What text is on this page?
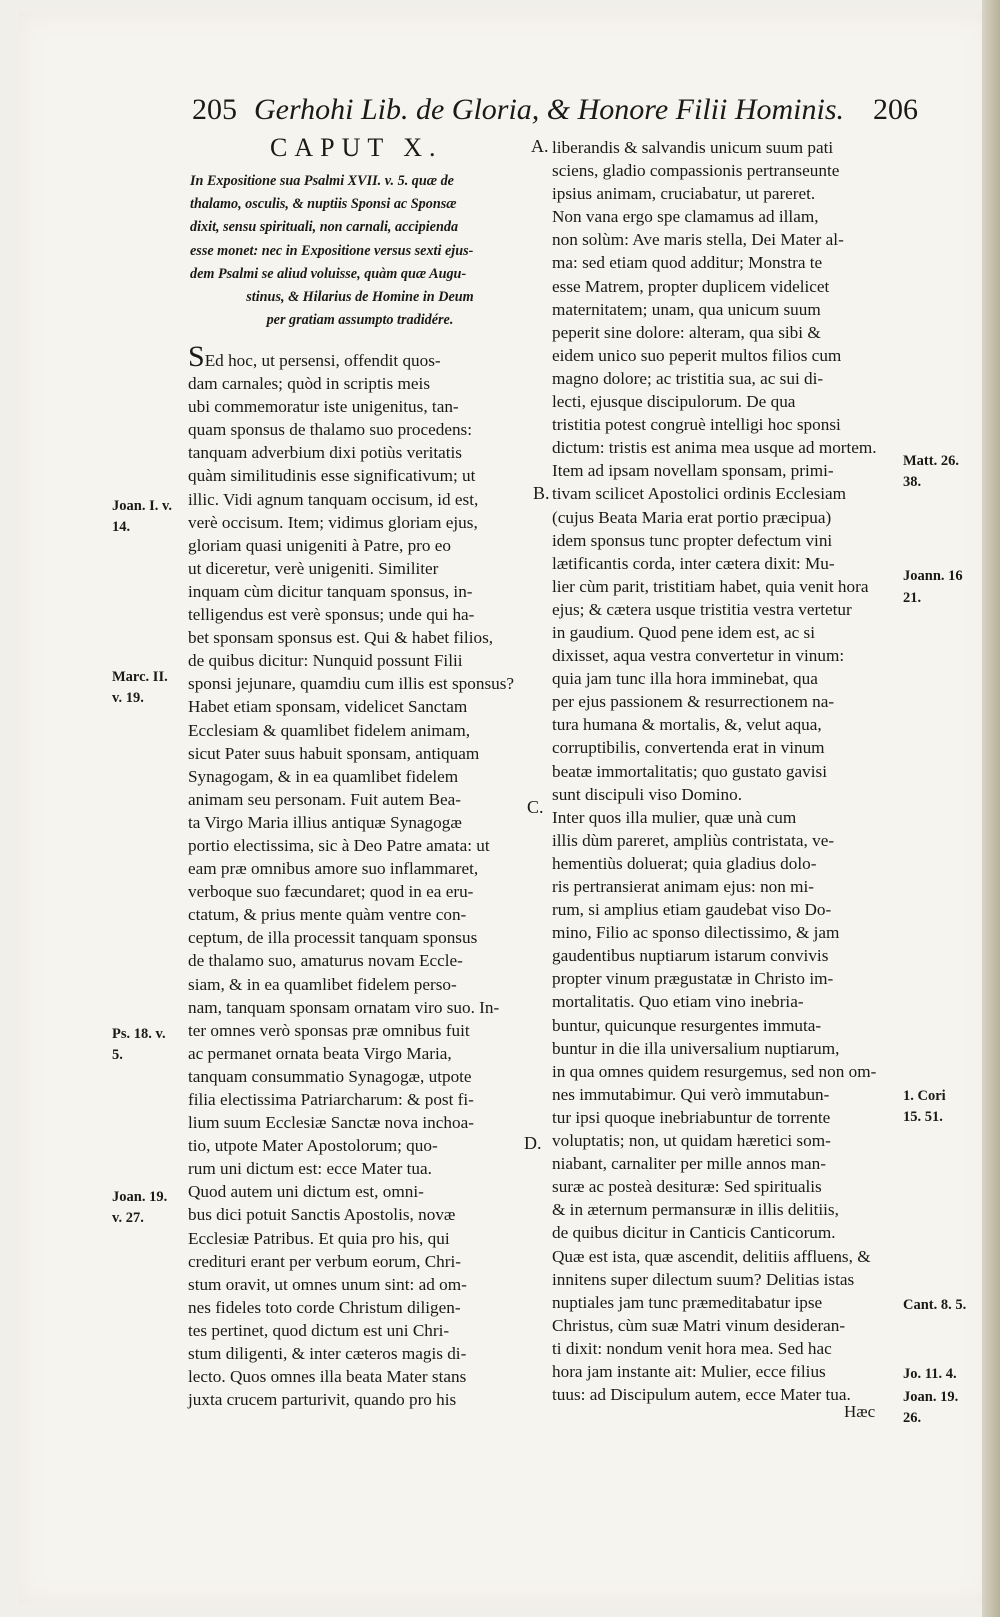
205 Gerhohi Lib. de Gloria, & Honore Filii Hominis. 206
CAPUT X.
In Expositione sua Psalmi XVII. v. 5. quæ de
thalamo, osculis, & nuptiis Sponsi ac Sponsæ
dixit, sensu spirituali, non carnali, accipienda
esse monet: nec in Expositione versus sexti ejus-
dem Psalmi se aliud voluisse, quàm quæ Augu-
stinus, & Hilarius de Homine in Deum
per gratiam assumpto tradidére.

SEd hoc, ut persensi, offendit quos-

dam carnales; quòd in scriptis meis

ubi commemoratur iste unigenitus, tan-

quam sponsus de thalamo suo procedens:

tanquam adverbium dixi potiùs veritatis

quàm similitudinis esse significativum; ut

illic. Vidi agnum tanquam occisum, id est,

verè occisum. Item; vidimus gloriam ejus,

gloriam quasi unigeniti à Patre, pro eo

ut diceretur, verè unigeniti. Similiter

inquam cùm dicitur tanquam sponsus, in-

telligendus est verè sponsus; unde qui ha-

bet sponsam sponsus est. Qui & habet filios,

de quibus dicitur: Nunquid possunt Filii

sponsi jejunare, quamdiu cum illis est sponsus?

Habet etiam sponsam, videlicet Sanctam

Ecclesiam & quamlibet fidelem animam,

sicut Pater suus habuit sponsam, antiquam

Synagogam, & in ea quamlibet fidelem

animam seu personam. Fuit autem Bea-

ta Virgo Maria illius antiquæ Synagogæ

portio electissima, sic à Deo Patre amata: ut

eam præ omnibus amore suo inflammaret,

verboque suo fæcundaret; quod in ea eru-

ctatum, & prius mente quàm ventre con-

ceptum, de illa processit tanquam sponsus

de thalamo suo, amaturus novam Eccle-

siam, & in ea quamlibet fidelem perso-

nam, tanquam sponsam ornatam viro suo. In-

ter omnes verò sponsas præ omnibus fuit

ac permanet ornata beata Virgo Maria,

tanquam consummatio Synagogæ, utpote

filia electissima Patriarcharum: & post fi-

lium suum Ecclesiæ Sanctæ nova inchoa-

tio, utpote Mater Apostolorum; quo-

rum uni dictum est: ecce Mater tua.

Quod autem uni dictum est, omni-

bus dici potuit Sanctis Apostolis, novæ

Ecclesiæ Patribus. Et quia pro his, qui

credituri erant per verbum eorum, Chri-

stum oravit, ut omnes unum sint: ad om-

nes fideles toto corde Christum diligen-

tes pertinet, quod dictum est uni Chri-

stum diligenti, & inter cæteros magis di-

lecto. Quos omnes illa beata Mater stans

juxta crucem parturivit, quando pro his

liberandis & salvandis unicum suum pati

sciens, gladio compassionis pertranseunte

ipsius animam, cruciabatur, ut pareret.

Non vana ergo spe clamamus ad illam,

non solùm: Ave maris stella, Dei Mater al-

ma: sed etiam quod additur; Monstra te

esse Matrem, propter duplicem videlicet

maternitatem; unam, qua unicum suum

peperit sine dolore: alteram, qua sibi &

eidem unico suo peperit multos filios cum

magno dolore; ac tristitia sua, ac sui di-

lecti, ejusque discipulorum. De qua

tristitia potest congruè intelligi hoc sponsi

dictum: tristis est anima mea usque ad mortem.

Item ad ipsam novellam sponsam, primi-

tivam scilicet Apostolici ordinis Ecclesiam

(cujus Beata Maria erat portio præcipua)

idem sponsus tunc propter defectum vini

lætificantis corda, inter cætera dixit: Mu-

lier cùm parit, tristitiam habet, quia venit hora

ejus; & cætera usque tristitia vestra vertetur

in gaudium. Quod pene idem est, ac si

dixisset, aqua vestra convertetur in vinum:

quia jam tunc illa hora imminebat, qua

per ejus passionem & resurrectionem na-

tura humana & mortalis, &, velut aqua,

corruptibilis, convertenda erat in vinum

beatæ immortalitatis; quo gustato gavisi

sunt discipuli viso Domino.

Inter quos illa mulier, quæ unà cum

illis dùm pareret, ampliùs contristata, ve-

hementiùs doluerat; quia gladius dolo-

ris pertransierat animam ejus: non mi-

rum, si amplius etiam gaudebat viso Do-

mino, Filio ac sponso dilectissimo, & jam

gaudentibus nuptiarum istarum convivis

propter vinum prægustatæ in Christo im-

mortalitatis. Quo etiam vino inebria-

buntur, quicunque resurgentes immuta-

buntur in die illa universalium nuptiarum,

in qua omnes quidem resurgemus, sed non om-

nes immutabimur. Qui verò immutabun-

tur ipsi quoque inebriabuntur de torrente

voluptatis; non, ut quidam hæretici som-

niabant, carnaliter per mille annos man-

suræ ac posteà desituræ: Sed spiritualis

& in æternum permansuræ in illis delitiis,

de quibus dicitur in Canticis Canticorum.

Quæ est ista, quæ ascendit, delitiis affluens, &

innitens super dilectum suum? Delitias istas

nuptiales jam tunc præmeditabatur ipse

Christus, cùm suæ Matri vinum desideran-

ti dixit: nondum venit hora mea. Sed hac

hora jam instante ait: Mulier, ecce filius

tuus: ad Discipulum autem, ecce Mater tua.

A.
B.
C.
D.
Joan. I. v.
14.
Marc. II.
v. 19.
Ps. 18. v.
5.
Joan. 19.
v. 27.
Matt. 26.
38.
Joann. 16
21.
1. Cori
15. 51.
Cant. 8. 5.
Jo. 11. 4.
Joan. 19.
26.
Hæc
